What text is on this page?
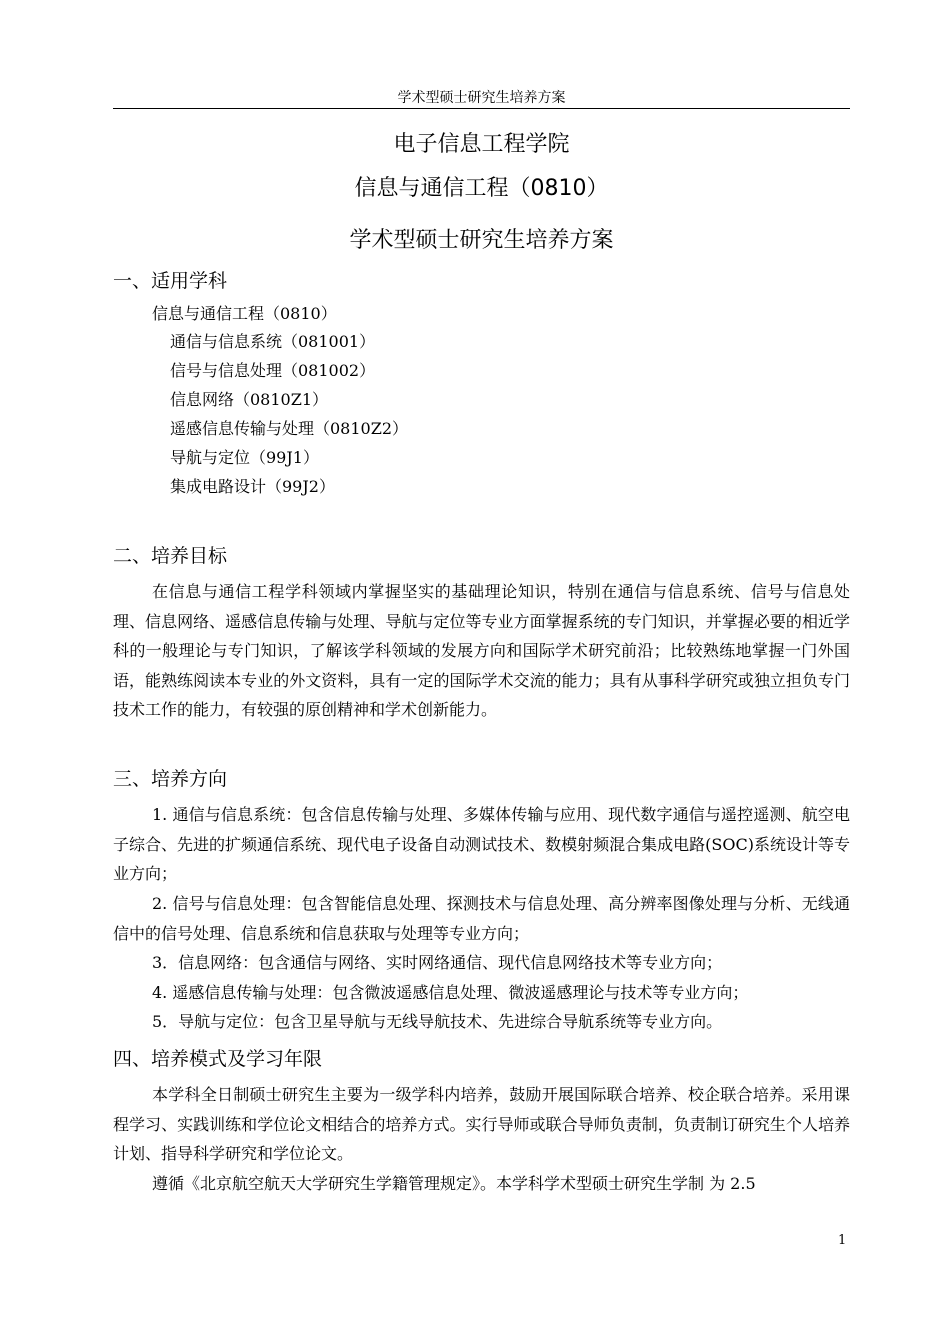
学术型硕士研究生培养方案
电子信息工程学院
信息与通信工程（0810）
学术型硕士研究生培养方案
一、适用学科
信息与通信工程（0810）
通信与信息系统（081001）
信号与信息处理（081002）
信息网络（0810Z1）
遥感信息传输与处理（0810Z2）
导航与定位（99J1）
集成电路设计（99J2）
二、培养目标
在信息与通信工程学科领域内掌握坚实的基础理论知识，特别在通信与信息系统、信号与信息处理、信息网络、遥感信息传输与处理、导航与定位等专业方面掌握系统的专门知识，并掌握必要的相近学科的一般理论与专门知识，了解该学科领域的发展方向和国际学术研究前沿；比较熟练地掌握一门外国语，能熟练阅读本专业的外文资料，具有一定的国际学术交流的能力；具有从事科学研究或独立担负专门技术工作的能力，有较强的原创精神和学术创新能力。
三、培养方向
1. 通信与信息系统：包含信息传输与处理、多媒体传输与应用、现代数字通信与遥控遥测、航空电子综合、先进的扩频通信系统、现代电子设备自动测试技术、数模射频混合集成电路(SOC)系统设计等专业方向；
2. 信号与信息处理：包含智能信息处理、探测技术与信息处理、高分辨率图像处理与分析、无线通信中的信号处理、信息系统和信息获取与处理等专业方向；
3．信息网络：包含通信与网络、实时网络通信、现代信息网络技术等专业方向；
4. 遥感信息传输与处理：包含微波遥感信息处理、微波遥感理论与技术等专业方向；
5．导航与定位：包含卫星导航与无线导航技术、先进综合导航系统等专业方向。
四、培养模式及学习年限
本学科全日制硕士研究生主要为一级学科内培养，鼓励开展国际联合培养、校企联合培养。采用课程学习、实践训练和学位论文相结合的培养方式。实行导师或联合导师负责制，负责制订研究生个人培养计划、指导科学研究和学位论文。
遵循《北京航空航天大学研究生学籍管理规定》。本学科学术型硕士研究生学制 为 2.5
1
